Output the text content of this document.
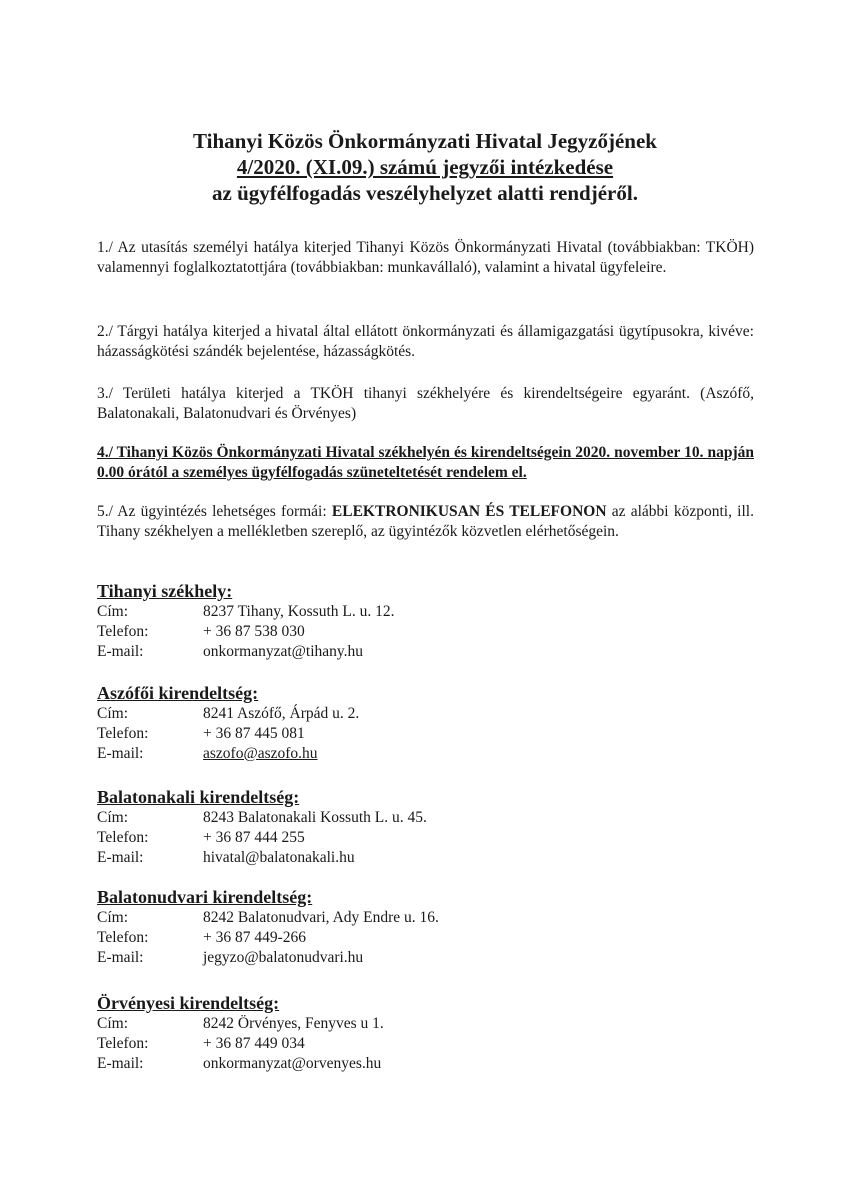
Tihanyi Közös Önkormányzati Hivatal Jegyzőjének
4/2020. (XI.09.) számú jegyzői intézkedése
az ügyfélfogadás veszélyhelyzet alatti rendjéről.
1./ Az utasítás személyi hatálya kiterjed Tihanyi Közös Önkormányzati Hivatal (továbbiakban: TKÖH) valamennyi foglalkoztatottjára (továbbiakban: munkavállaló), valamint a hivatal ügyfeleire.
2./ Tárgyi hatálya kiterjed a hivatal által ellátott önkormányzati és államigazgatási ügytípusokra, kivéve: házasságkötési szándék bejelentése, házasságkötés.
3./ Területi hatálya kiterjed a TKÖH tihanyi székhelyére és kirendeltségeire egyaránt. (Aszófő, Balatonakali, Balatonudvari és Örvényes)
4./ Tihanyi Közös Önkormányzati Hivatal székhelyén és kirendeltségein 2020. november 10. napján 0.00 órától a személyes ügyfélfogadás szüneteltetését rendelem el.
5./ Az ügyintézés lehetséges formái: ELEKTRONIKUSAN ÉS TELEFONON az alábbi központi, ill. Tihany székhelyen a mellékletben szereplő, az ügyintézők közvetlen elérhetőségein.
Tihanyi székhely:
Cím:	8237 Tihany, Kossuth L. u. 12.
Telefon:	+ 36 87 538 030
E-mail:	onkormanyzat@tihany.hu
Aszófői kirendeltség:
Cím:	8241 Aszófő, Árpád u. 2.
Telefon:	+ 36 87 445 081
E-mail:	aszofo@aszofo.hu
Balatonakali kirendeltség:
Cím:	8243 Balatonakali Kossuth L. u. 45.
Telefon:	+ 36 87 444 255
E-mail:	hivatal@balatonakali.hu
Balatonudvari kirendeltség:
Cím:	8242 Balatonudvari, Ady Endre u. 16.
Telefon:	+ 36 87 449-266
E-mail:	jegyzo@balatonudvari.hu
Örvényesi kirendeltség:
Cím:	8242 Örvényes, Fenyves u 1.
Telefon:	+ 36 87 449 034
E-mail:	onkormanyzat@orvenyes.hu
